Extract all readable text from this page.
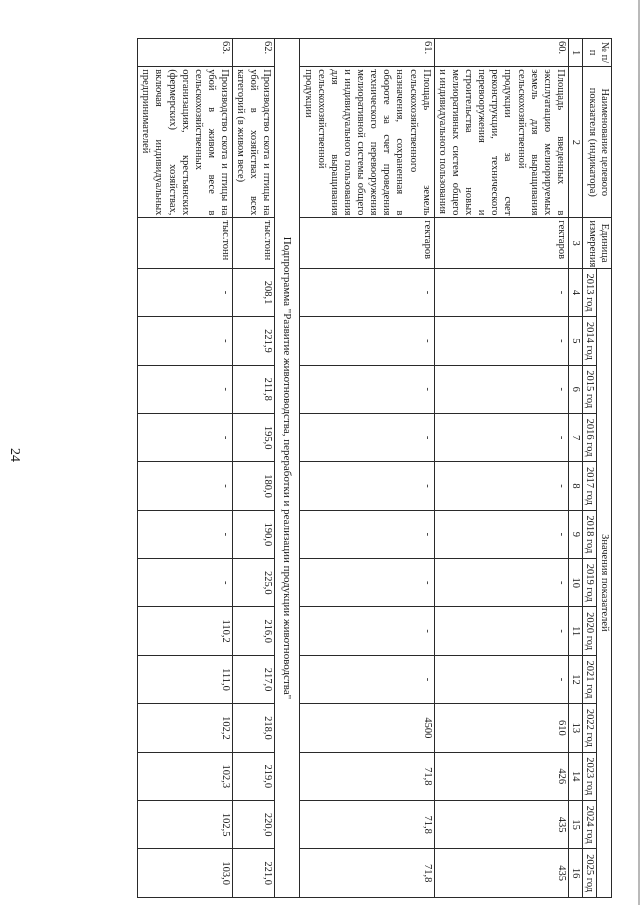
24
№ п/п	Наименование целевого показателя (индикатора)	Единица измерения	Значения показателей												
			2013 год	2014 год	2015 год	2016 год	2017 год	2018 год	2019 год	2020 год	2021 год	2022 год	2023 год	2024 год	2025 год
1	2	3	4	5	6	7	8	9	10	11	12	13	14	15	16
60.	Площадь введенных в эксплуатацию мелиорируемых земель для выращивания сельскохозяйственной продукции за счет реконструкции, технического перевооружения и строительства новых мелиоративных систем общего и индивидуального пользования	гектаров	-	-	-	-	-	-	-	-	-	610	426	435	435
61.	Площадь земель сельскохозяйственного назначения, сохраненная в обороте за счет проведения технического перевооружения мелиоративной системы общего и индивидуального пользования для выращивания сельскохозяйственной продукции	гектаров	-	-	-	-	-	-	-	-	-	4500	71,8	71,8	71,8
Подпрограмма "Развитие животноводства, переработки и реализации продукции животноводства"															
62.	Производство скота и птицы на убой в хозяйствах всех категорий (в живом весе)	тыс.тонн	208,1	221,9	211,8	195,0	180,0	190,0	225,0	216,0	217,0	218,0	219,0	220,0	221,0
63.	Производство скота и птицы на убой в живом весе в сельскохозяйственных организациях, крестьянских (фермерских) хозяйствах, включая индивидуальных предпринимателей	тыс.тонн	-	-	-	-	-	-	-	110,2	111,0	102,2	102,3	102,5	103,0
